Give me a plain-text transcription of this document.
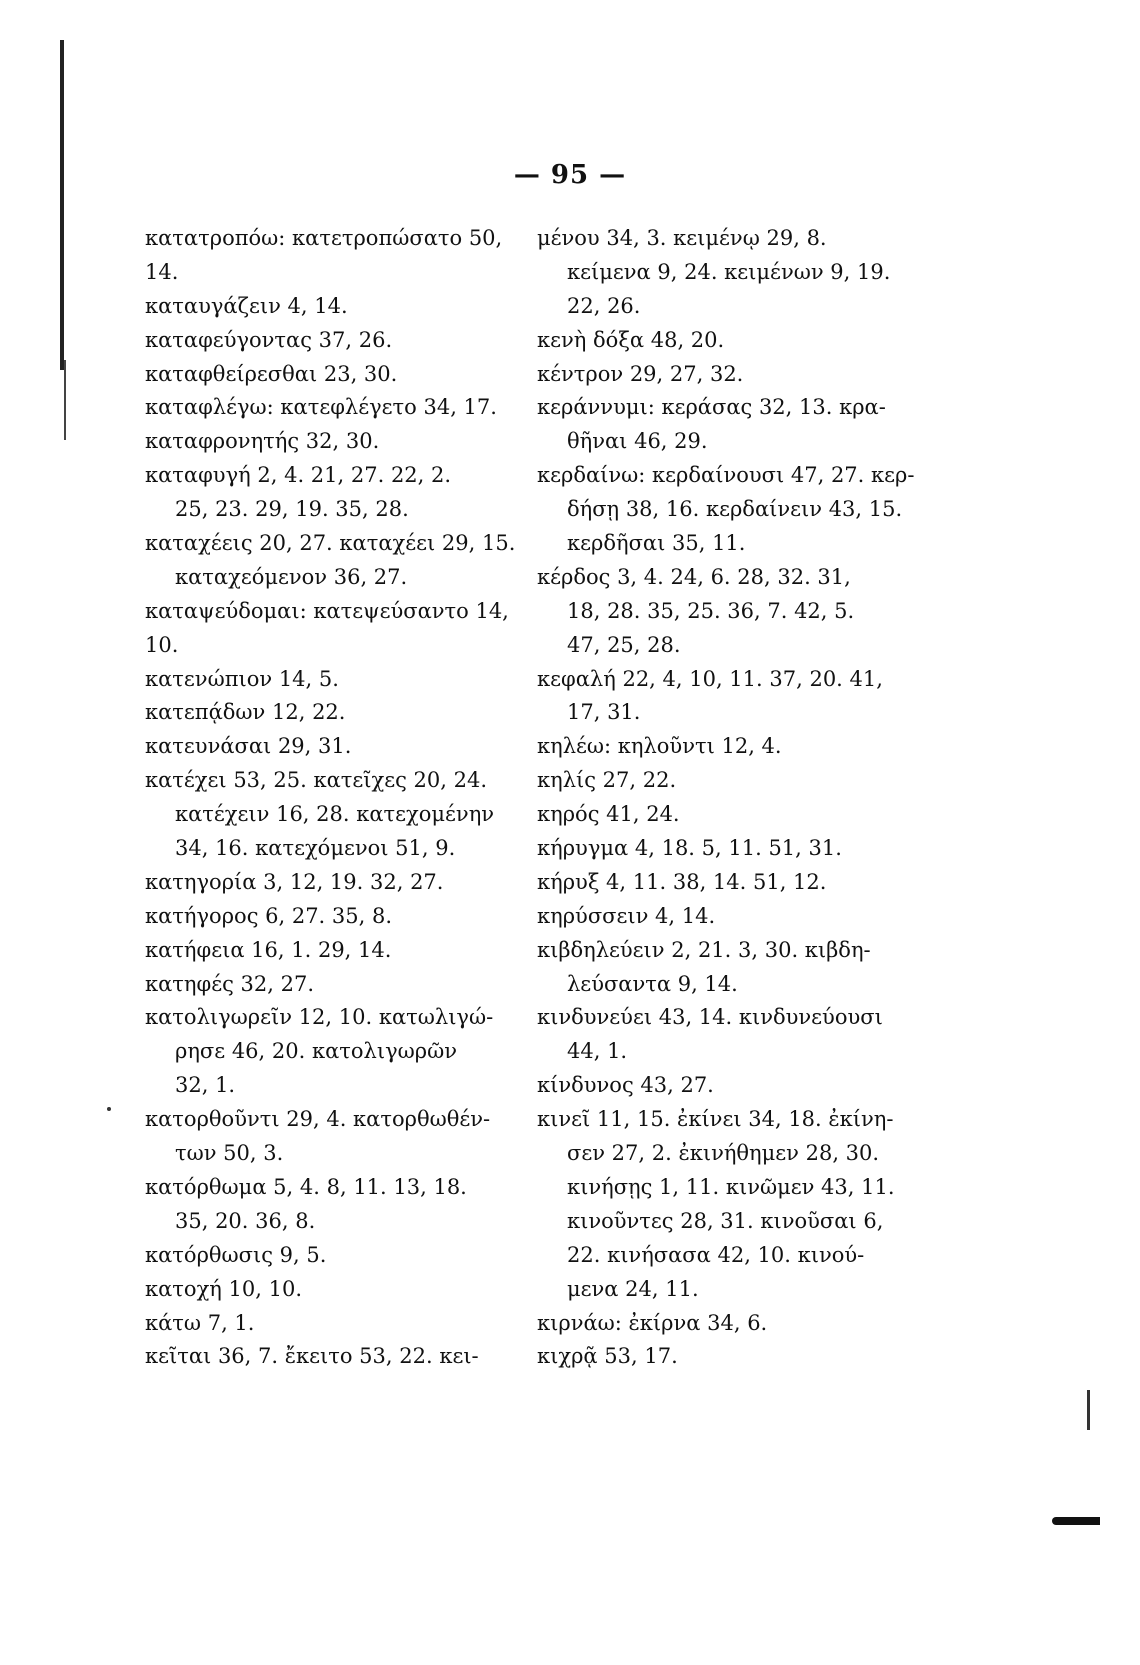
— 95 —
κατατροπόω: κατετροπώσατο 50,
14.
καταυγάζειν 4, 14.
καταφεύγοντας 37, 26.
καταφθείρεσθαι 23, 30.
καταφλέγω: κατεφλέγετο 34, 17.
καταφρονητής 32, 30.
καταφυγή 2, 4. 21, 27. 22, 2.
25, 23. 29, 19. 35, 28.
καταχέεις 20, 27. καταχέει 29, 15.
καταχεόμενον 36, 27.
καταψεύδομαι: κατεψεύσαντο 14,
10.
κατενώπιον 14, 5.
κατεπᾴδων 12, 22.
κατευνάσαι 29, 31.
κατέχει 53, 25. κατεῖχες 20, 24.
κατέχειν 16, 28. κατεχομένην
34, 16. κατεχόμενοι 51, 9.
κατηγορία 3, 12, 19. 32, 27.
κατήγορος 6, 27. 35, 8.
κατήφεια 16, 1. 29, 14.
κατηφές 32, 27.
κατολιγωρεῖν 12, 10. κατωλιγώ-
ρησε 46, 20. κατολιγωρῶν
32, 1.
κατορθοῦντι 29, 4. κατορθωθέν-
των 50, 3.
κατόρθωμα 5, 4. 8, 11. 13, 18.
35, 20. 36, 8.
κατόρθωσις 9, 5.
κατοχή 10, 10.
κάτω 7, 1.
κεῖται 36, 7. ἔκειτο 53, 22. κει-
μένου 34, 3. κειμένῳ 29, 8.
κείμενα 9, 24. κειμένων 9, 19.
22, 26.
κενὴ δόξα 48, 20.
κέντρον 29, 27, 32.
κεράννυμι: κεράσας 32, 13. κρα-
θῆναι 46, 29.
κερδαίνω: κερδαίνουσι 47, 27. κερ-
δήσῃ 38, 16. κερδαίνειν 43, 15.
κερδῆσαι 35, 11.
κέρδος 3, 4. 24, 6. 28, 32. 31,
18, 28. 35, 25. 36, 7. 42, 5.
47, 25, 28.
κεφαλή 22, 4, 10, 11. 37, 20. 41,
17, 31.
κηλέω: κηλοῦντι 12, 4.
κηλίς 27, 22.
κηρός 41, 24.
κήρυγμα 4, 18. 5, 11. 51, 31.
κήρυξ 4, 11. 38, 14. 51, 12.
κηρύσσειν 4, 14.
κιβδηλεύειν 2, 21. 3, 30. κιβδη-
λεύσαντα 9, 14.
κινδυνεύει 43, 14. κινδυνεύουσι
44, 1.
κίνδυνος 43, 27.
κινεῖ 11, 15. ἐκίνει 34, 18. ἐκίνη-
σεν 27, 2. ἐκινήθημεν 28, 30.
κινήσῃς 1, 11. κινῶμεν 43, 11.
κινοῦντες 28, 31. κινοῦσαι 6,
22. κινήσασα 42, 10. κινού-
μενα 24, 11.
κιρνάω: ἐκίρνα 34, 6.
κιχρᾷ 53, 17.
